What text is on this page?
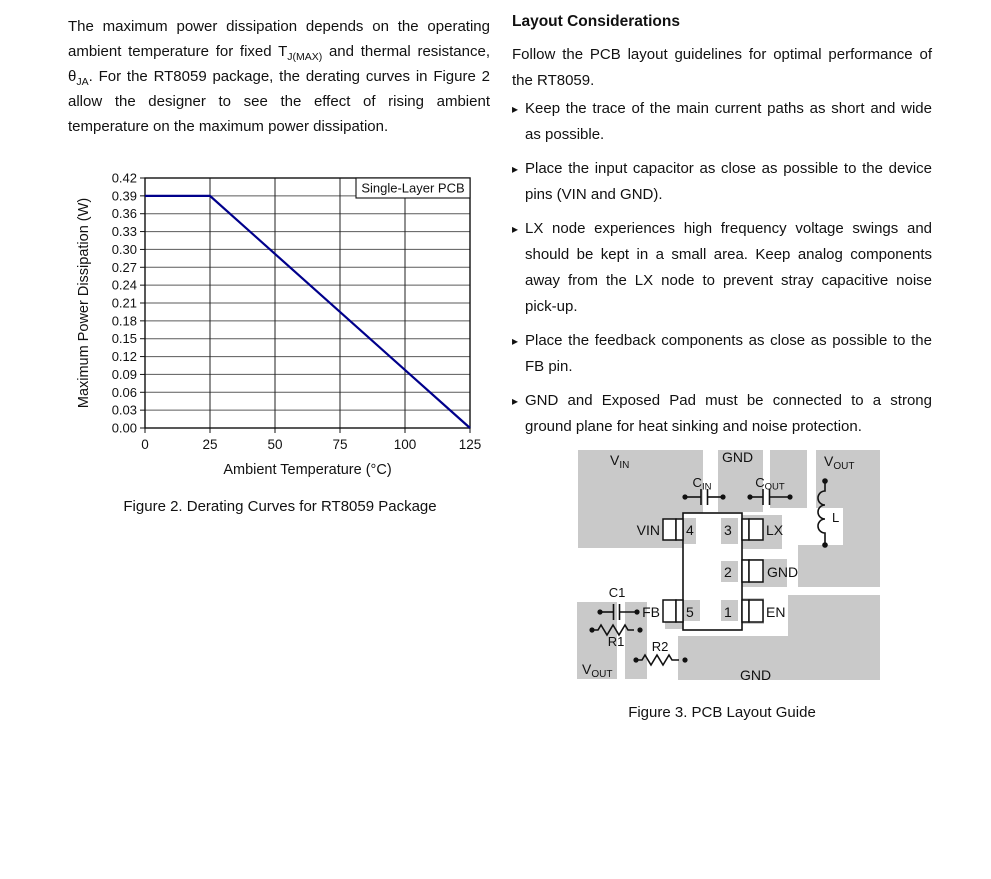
The maximum power dissipation depends on the operating ambient temperature for fixed $T_{J(MAX)}$ and thermal resistance, $\theta_{JA}$. For the RT8059 package, the derating curves in Figure 2 allow the designer to see the effect of rising ambient temperature on the maximum power dissipation.

0.00
0.03
0.06
0.09
0.12
0.15
0.18
0.21
0.24
0.27
0.30
0.33
0.36
0.39
0.42
0	25	50	75	100	125
Single-Layer PCB
Ambient Temperature (°C)
Maximum Power Dissipation (W)
Figure 2. Derating Curves for RT8059 Package
Layout Considerations

Follow the PCB layout guidelines for optimal performance of the RT8059.

▸ Keep the trace of the main current paths as short and wide as possible.
▸ Place the input capacitor as close as possible to the device pins (VIN and GND).
▸ LX node experiences high frequency voltage swings and should be kept in a small area. Keep analog components away from the LX node to prevent stray capacitive noise pick-up.
▸ Place the feedback components as close as possible to the FB pin.
▸ GND and Exposed Pad must be connected to a strong ground plane for heat sinking and noise protection.
$V_{IN}$
GND	$V_{OUT}$
CIN	COUT
L
C1
R1 R2
$V_{OUT}$	GND
VIN
FB
LX
GND
EN
4 3
2
5 1
Figure 3. PCB Layout Guide
